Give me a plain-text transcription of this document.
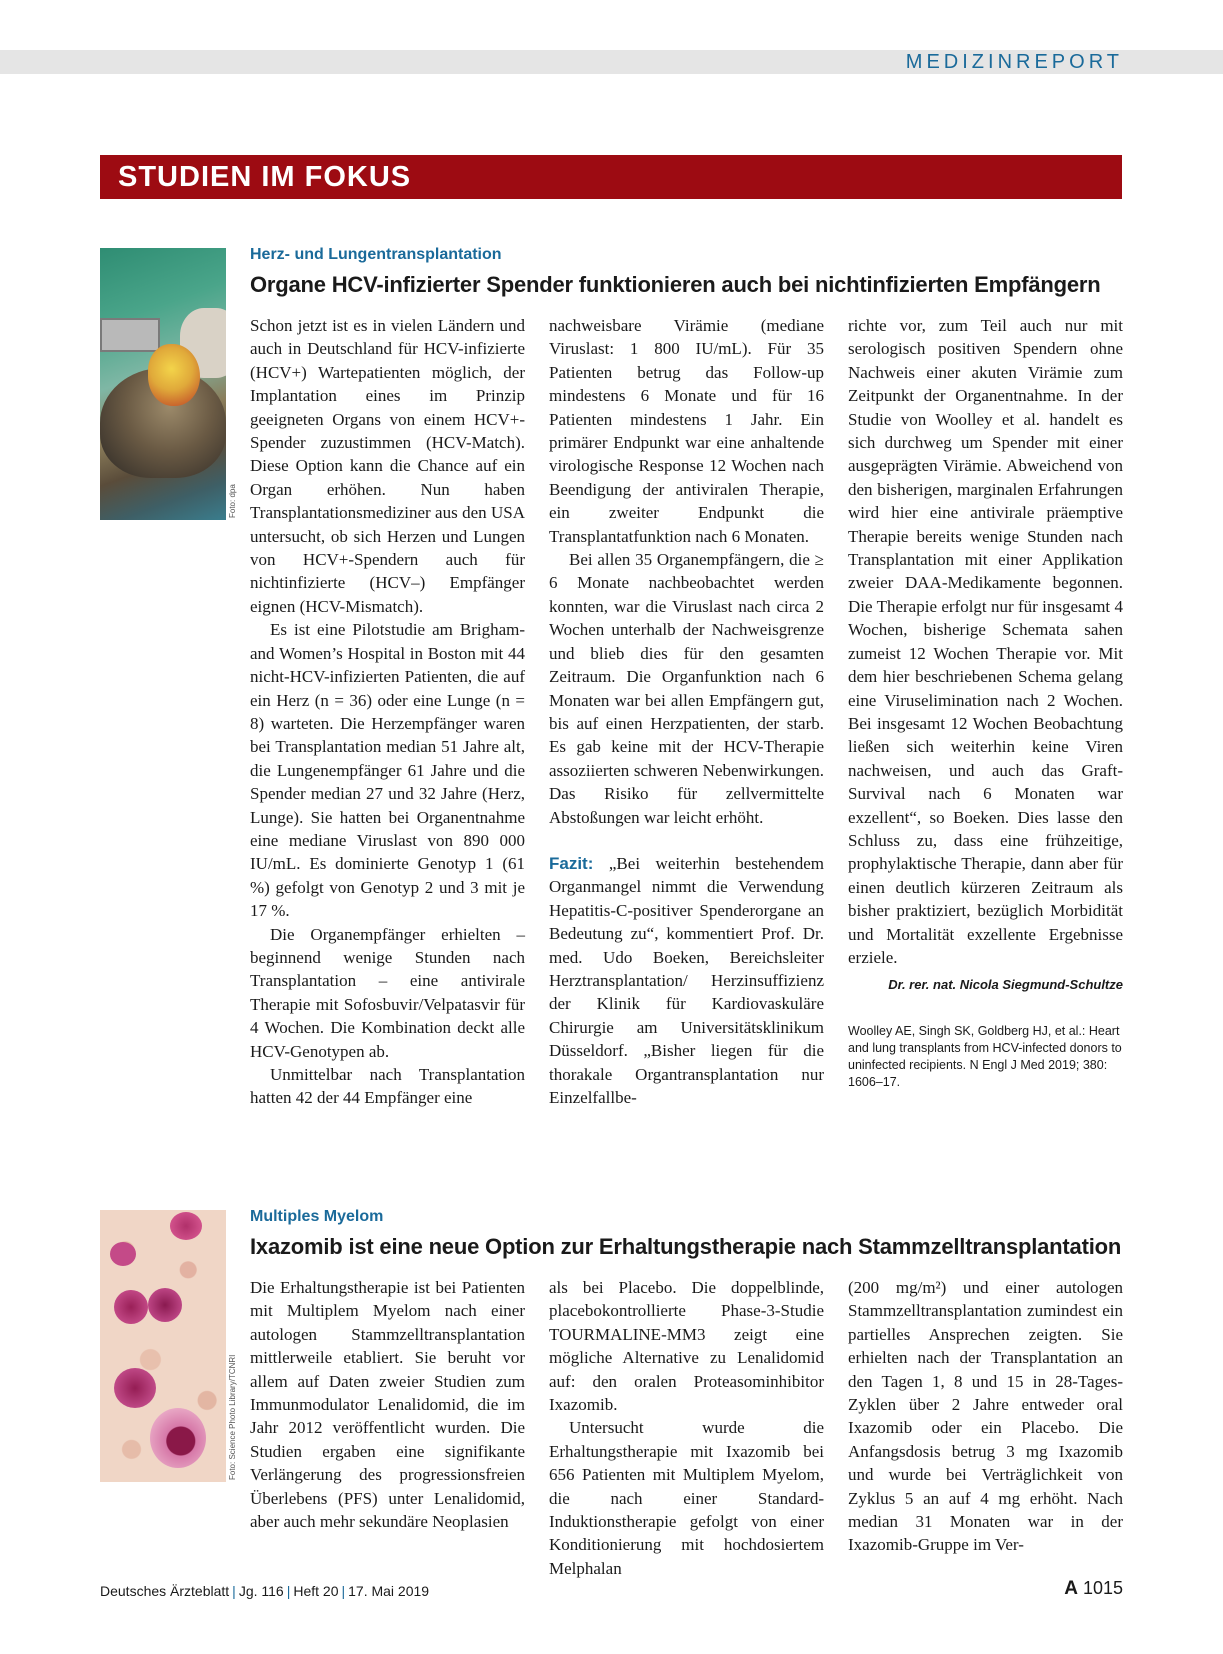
MEDIZINREPORT
STUDIEN IM FOKUS
Foto: dpa
Herz- und Lungentransplantation
Organe HCV-infizierter Spender funktionieren auch bei nichtinfizierten Empfängern

Schon jetzt ist es in vielen Ländern und auch in Deutschland für HCV-infizierte (HCV+) Wartepatienten möglich, der Implantation eines im Prinzip geeigneten Organs von einem HCV+-Spender zuzustimmen (HCV-Match). Diese Option kann die Chance auf ein Organ erhöhen. Nun haben Transplantationsmediziner aus den USA untersucht, ob sich Herzen und Lungen von HCV+-Spendern auch für nichtinfizierte (HCV–) Empfänger eignen (HCV-Mismatch).

Es ist eine Pilotstudie am Brigham- and Women’s Hospital in Boston mit 44 nicht-HCV-infizierten Patienten, die auf ein Herz (n = 36) oder eine Lunge (n = 8) warteten. Die Herzempfänger waren bei Transplantation median 51 Jahre alt, die Lungenempfänger 61 Jahre und die Spender median 27 und 32 Jahre (Herz, Lunge). Sie hatten bei Organentnahme eine mediane Viruslast von 890 000 IU/mL. Es dominierte Genotyp 1 (61 %) gefolgt von Genotyp 2 und 3 mit je 17 %.

Die Organempfänger erhielten – beginnend wenige Stunden nach Transplantation – eine antivirale Therapie mit Sofosbuvir/Velpatasvir für 4 Wochen. Die Kombination deckt alle HCV-Genotypen ab.

Unmittelbar nach Transplantation hatten 42 der 44 Empfänger eine

nachweisbare Virämie (mediane Viruslast: 1 800 IU/mL). Für 35 Patienten betrug das Follow-up mindestens 6 Monate und für 16 Patienten mindestens 1 Jahr. Ein primärer Endpunkt war eine anhaltende virologische Response 12 Wochen nach Beendigung der antiviralen Therapie, ein zweiter Endpunkt die Transplantatfunktion nach 6 Monaten.

Bei allen 35 Organempfängern, die ≥ 6 Monate nachbeobachtet werden konnten, war die Viruslast nach circa 2 Wochen unterhalb der Nachweisgrenze und blieb dies für den gesamten Zeitraum. Die Organfunktion nach 6 Monaten war bei allen Empfängern gut, bis auf einen Herzpatienten, der starb. Es gab keine mit der HCV-Therapie assoziierten schweren Nebenwirkungen. Das Risiko für zellvermittelte Abstoßungen war leicht erhöht.

Fazit: „Bei weiterhin bestehendem Organmangel nimmt die Verwendung Hepatitis-C-positiver Spenderorgane an Bedeutung zu“, kommentiert Prof. Dr. med. Udo Boeken, Bereichsleiter Herztransplantation/ Herzinsuffizienz der Klinik für Kardiovaskuläre Chirurgie am Universitätsklinikum Düsseldorf. „Bisher liegen für die thorakale Organtransplantation nur Einzelfallbe-

richte vor, zum Teil auch nur mit serologisch positiven Spendern ohne Nachweis einer akuten Virämie zum Zeitpunkt der Organentnahme. In der Studie von Woolley et al. handelt es sich durchweg um Spender mit einer ausgeprägten Virämie. Abweichend von den bisherigen, marginalen Erfahrungen wird hier eine antivirale präemptive Therapie bereits wenige Stunden nach Transplantation mit einer Applikation zweier DAA-Medikamente begonnen. Die Therapie erfolgt nur für insgesamt 4 Wochen, bisherige Schemata sahen zumeist 12 Wochen Therapie vor. Mit dem hier beschriebenen Schema gelang eine Viruselimination nach 2 Wochen. Bei insgesamt 12 Wochen Beobachtung ließen sich weiterhin keine Viren nachweisen, und auch das Graft-Survival nach 6 Monaten war exzellent“, so Boeken. Dies lasse den Schluss zu, dass eine frühzeitige, prophylaktische Therapie, dann aber für einen deutlich kürzeren Zeitraum als bisher praktiziert, bezüglich Morbidität und Mortalität exzellente Ergebnisse erziele.

Dr. rer. nat. Nicola Siegmund-Schultze
Woolley AE, Singh SK, Goldberg HJ, et al.: Heart and lung transplants from HCV-infected donors to uninfected recipients. N Engl J Med 2019; 380: 1606–17.
Foto: Science Photo Library/TCNRI
Multiples Myelom
Ixazomib ist eine neue Option zur Erhaltungstherapie nach Stammzelltransplantation

Die Erhaltungstherapie ist bei Patienten mit Multiplem Myelom nach einer autologen Stammzelltransplantation mittlerweile etabliert. Sie beruht vor allem auf Daten zweier Studien zum Immunmodulator Lenalidomid, die im Jahr 2012 veröffentlicht wurden. Die Studien ergaben eine signifikante Verlängerung des progressionsfreien Überlebens (PFS) unter Lenalidomid, aber auch mehr sekundäre Neoplasien

als bei Placebo. Die doppelblinde, placebokontrollierte Phase-3-Studie TOURMALINE-MM3 zeigt eine mögliche Alternative zu Lenalidomid auf: den oralen Proteasominhibitor Ixazomib.

Untersucht wurde die Erhaltungstherapie mit Ixazomib bei 656 Patienten mit Multiplem Myelom, die nach einer Standard-Induktionstherapie gefolgt von einer Konditionierung mit hochdosiertem Melphalan

(200 mg/m²) und einer autologen Stammzelltransplantation zumindest ein partielles Ansprechen zeigten. Sie erhielten nach der Transplantation an den Tagen 1, 8 und 15 in 28-Tages-Zyklen über 2 Jahre entweder oral Ixazomib oder ein Placebo. Die Anfangsdosis betrug 3 mg Ixazomib und wurde bei Verträglichkeit von Zyklus 5 an auf 4 mg erhöht. Nach median 31 Monaten war in der Ixazomib-Gruppe im Ver-

Deutsches Ärzteblatt | Jg. 116 | Heft 20 | 17. Mai 2019	A 1015
